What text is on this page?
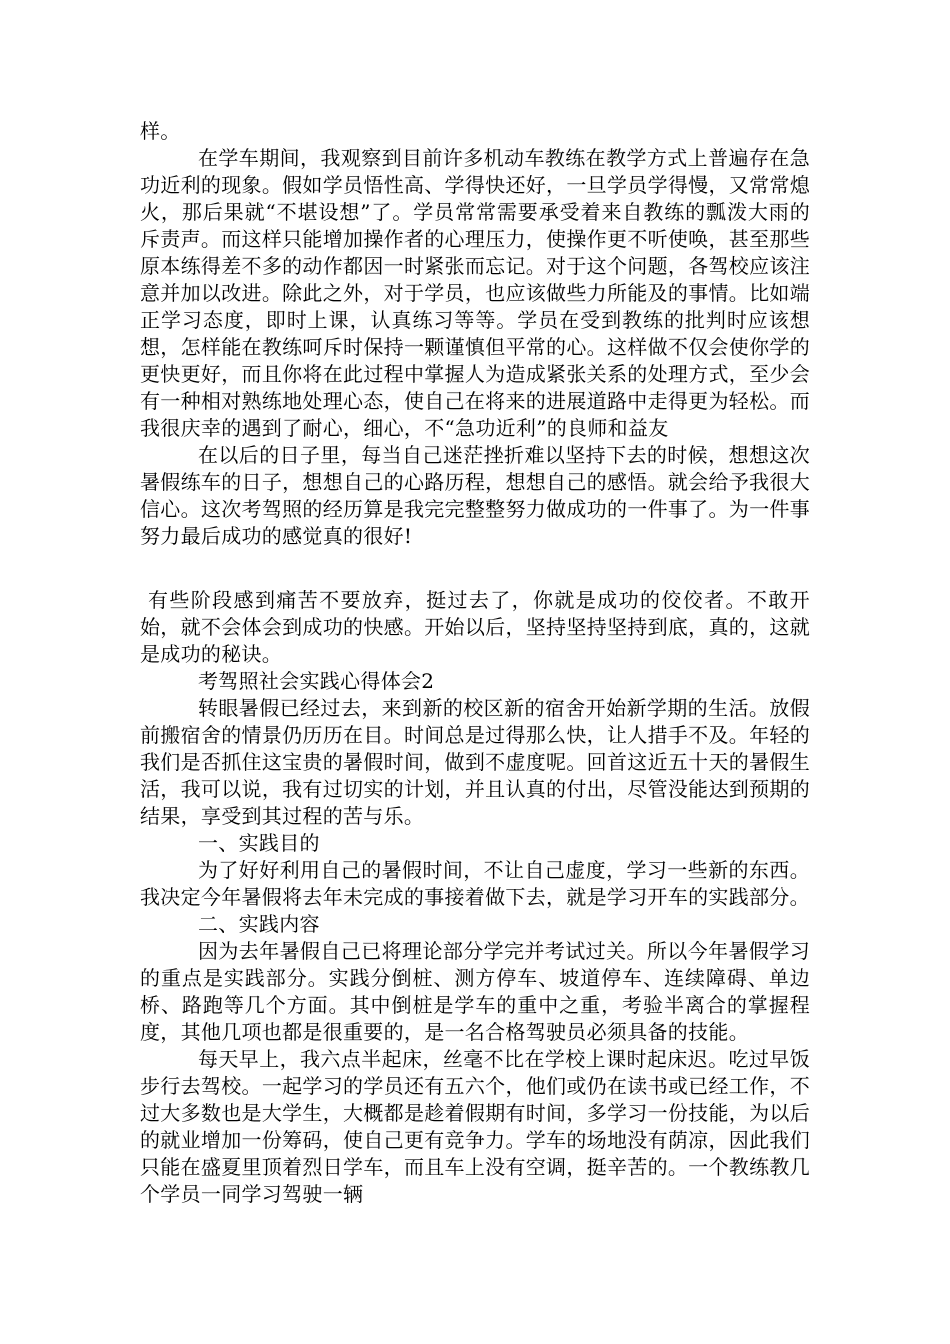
样。

在学车期间，我观察到目前许多机动车教练在教学方式上普遍存在急功近利的现象。假如学员悟性高、学得快还好，一旦学员学得慢，又常常熄火，那后果就“不堪设想”了。学员常常需要承受着来自教练的瓢泼大雨的斥责声。而这样只能增加操作者的心理压力，使操作更不听使唤，甚至那些原本练得差不多的动作都因一时紧张而忘记。对于这个问题，各驾校应该注意并加以改进。除此之外，对于学员，也应该做些力所能及的事情。比如端正学习态度，即时上课，认真练习等等。学员在受到教练的批判时应该想想，怎样能在教练呵斥时保持一颗谨慎但平常的心。这样做不仅会使你学的更快更好，而且你将在此过程中掌握人为造成紧张关系的处理方式，至少会有一种相对熟练地处理心态，使自己在将来的进展道路中走得更为轻松。而我很庆幸的遇到了耐心，细心，不“急功近利”的良师和益友

在以后的日子里，每当自己迷茫挫折难以坚持下去的时候，想想这次暑假练车的日子，想想自己的心路历程，想想自己的感悟。就会给予我很大信心。这次考驾照的经历算是我完完整整努力做成功的一件事了。为一件事努力最后成功的感觉真的很好!

有些阶段感到痛苦不要放弃，挺过去了，你就是成功的佼佼者。不敢开始，就不会体会到成功的快感。开始以后，坚持坚持坚持到底，真的，这就是成功的秘诀。

考驾照社会实践心得体会2

转眼暑假已经过去，来到新的校区新的宿舍开始新学期的生活。放假前搬宿舍的情景仍历历在目。时间总是过得那么快，让人措手不及。年轻的我们是否抓住这宝贵的暑假时间，做到不虚度呢。回首这近五十天的暑假生活，我可以说，我有过切实的计划，并且认真的付出，尽管没能达到预期的结果，享受到其过程的苦与乐。

一、实践目的

为了好好利用自己的暑假时间，不让自己虚度，学习一些新的东西。我决定今年暑假将去年未完成的事接着做下去，就是学习开车的实践部分。

二、实践内容

因为去年暑假自己已将理论部分学完并考试过关。所以今年暑假学习的重点是实践部分。实践分倒桩、测方停车、坡道停车、连续障碍、单边桥、路跑等几个方面。其中倒桩是学车的重中之重，考验半离合的掌握程度，其他几项也都是很重要的，是一名合格驾驶员必须具备的技能。

每天早上，我六点半起床，丝毫不比在学校上课时起床迟。吃过早饭步行去驾校。一起学习的学员还有五六个，他们或仍在读书或已经工作，不过大多数也是大学生，大概都是趁着假期有时间，多学习一份技能，为以后的就业增加一份筹码，使自己更有竞争力。学车的场地没有荫凉，因此我们只能在盛夏里顶着烈日学车，而且车上没有空调，挺辛苦的。一个教练教几个学员一同学习驾驶一辆
